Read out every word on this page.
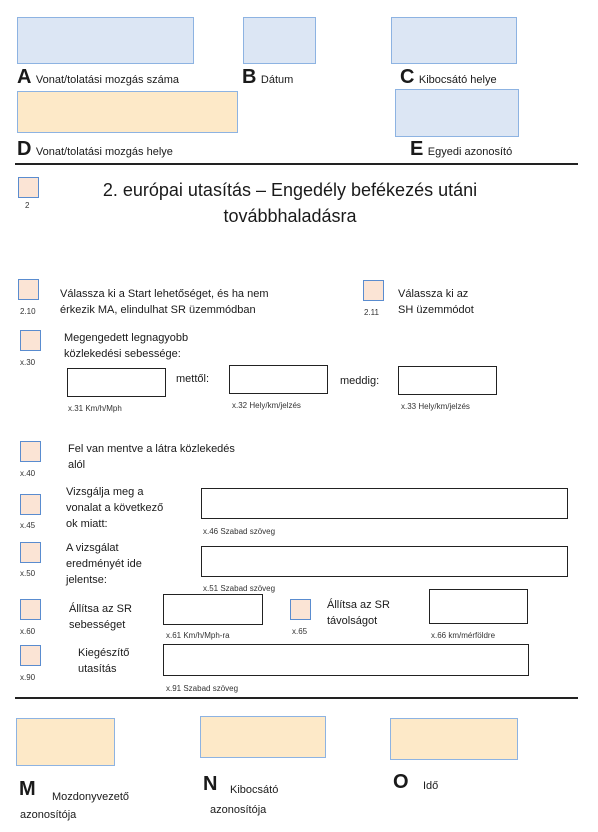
A Vonat/tolatási mozgás száma	B Dátum	C Kibocsátó helye
D Vonat/tolatási mozgás helye	E Egyedi azonosító
2
2. európai utasítás – Engedély befékezés utáni
továbbhaladásra
2.10
Válassza ki a Start lehetőséget, és ha nem
érkezik MA, elindulhat SR üzemmódban	2.11
Válassza ki az
SH üzemmódot
x.30
Megengedett legnagyobb
közlekedési sebessége:
mettől:	meddig:
x.31 Km/h/Mph	x.32 Hely/km/jelzés	x.33 Hely/km/jelzés
x.40
Fel van mentve a látra közlekedés
alól
x.45
Vizsgálja meg a
vonalat a következő
ok miatt:
x.46 Szabad szöveg
x.50
A vizsgálat
eredményét ide
jelentse:
x.51 Szabad szöveg
x.60
Állítsa az SR
sebességet
x.61 Km/h/Mph-ra	x.65
Állítsa az SR
távolságot
x.66 km/mérföldre
x.90
Kiegészítő
utasítás
x.91 Szabad szöveg
M	Mozdonyvezető
azonosítója
N	Kibocsátó
azonosítója
O Idő
